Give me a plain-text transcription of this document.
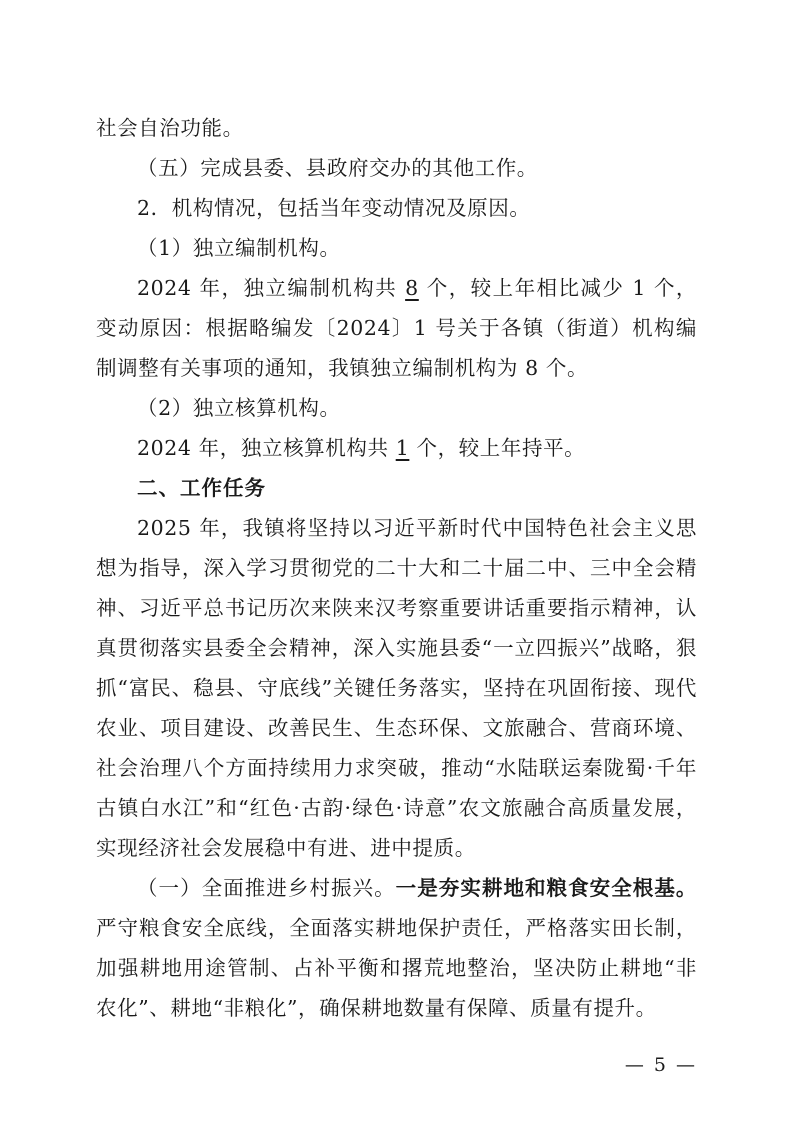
社会自治功能。

（五）完成县委、县政府交办的其他工作。

2．机构情况，包括当年变动情况及原因。

（1）独立编制机构。

2024 年，独立编制机构共 8 个，较上年相比减少 1 个，变动原因：根据略编发〔2024〕1 号关于各镇（街道）机构编制调整有关事项的通知，我镇独立编制机构为 8 个。

（2）独立核算机构。

2024 年，独立核算机构共 1 个，较上年持平。

二、工作任务

2025 年，我镇将坚持以习近平新时代中国特色社会主义思想为指导，深入学习贯彻党的二十大和二十届二中、三中全会精神、习近平总书记历次来陕来汉考察重要讲话重要指示精神，认真贯彻落实县委全会精神，深入实施县委“一立四振兴”战略，狠抓“富民、稳县、守底线”关键任务落实，坚持在巩固衔接、现代农业、项目建设、改善民生、生态环保、文旅融合、营商环境、社会治理八个方面持续用力求突破，推动“水陆联运秦陇蜀·千年古镇白水江”和“红色·古韵·绿色·诗意”农文旅融合高质量发展，实现经济社会发展稳中有进、进中提质。

（一）全面推进乡村振兴。一是夯实耕地和粮食安全根基。严守粮食安全底线，全面落实耕地保护责任，严格落实田长制，加强耕地用途管制、占补平衡和撂荒地整治，坚决防止耕地“非农化”、耕地“非粮化”，确保耕地数量有保障、质量有提升。

— 5 —
